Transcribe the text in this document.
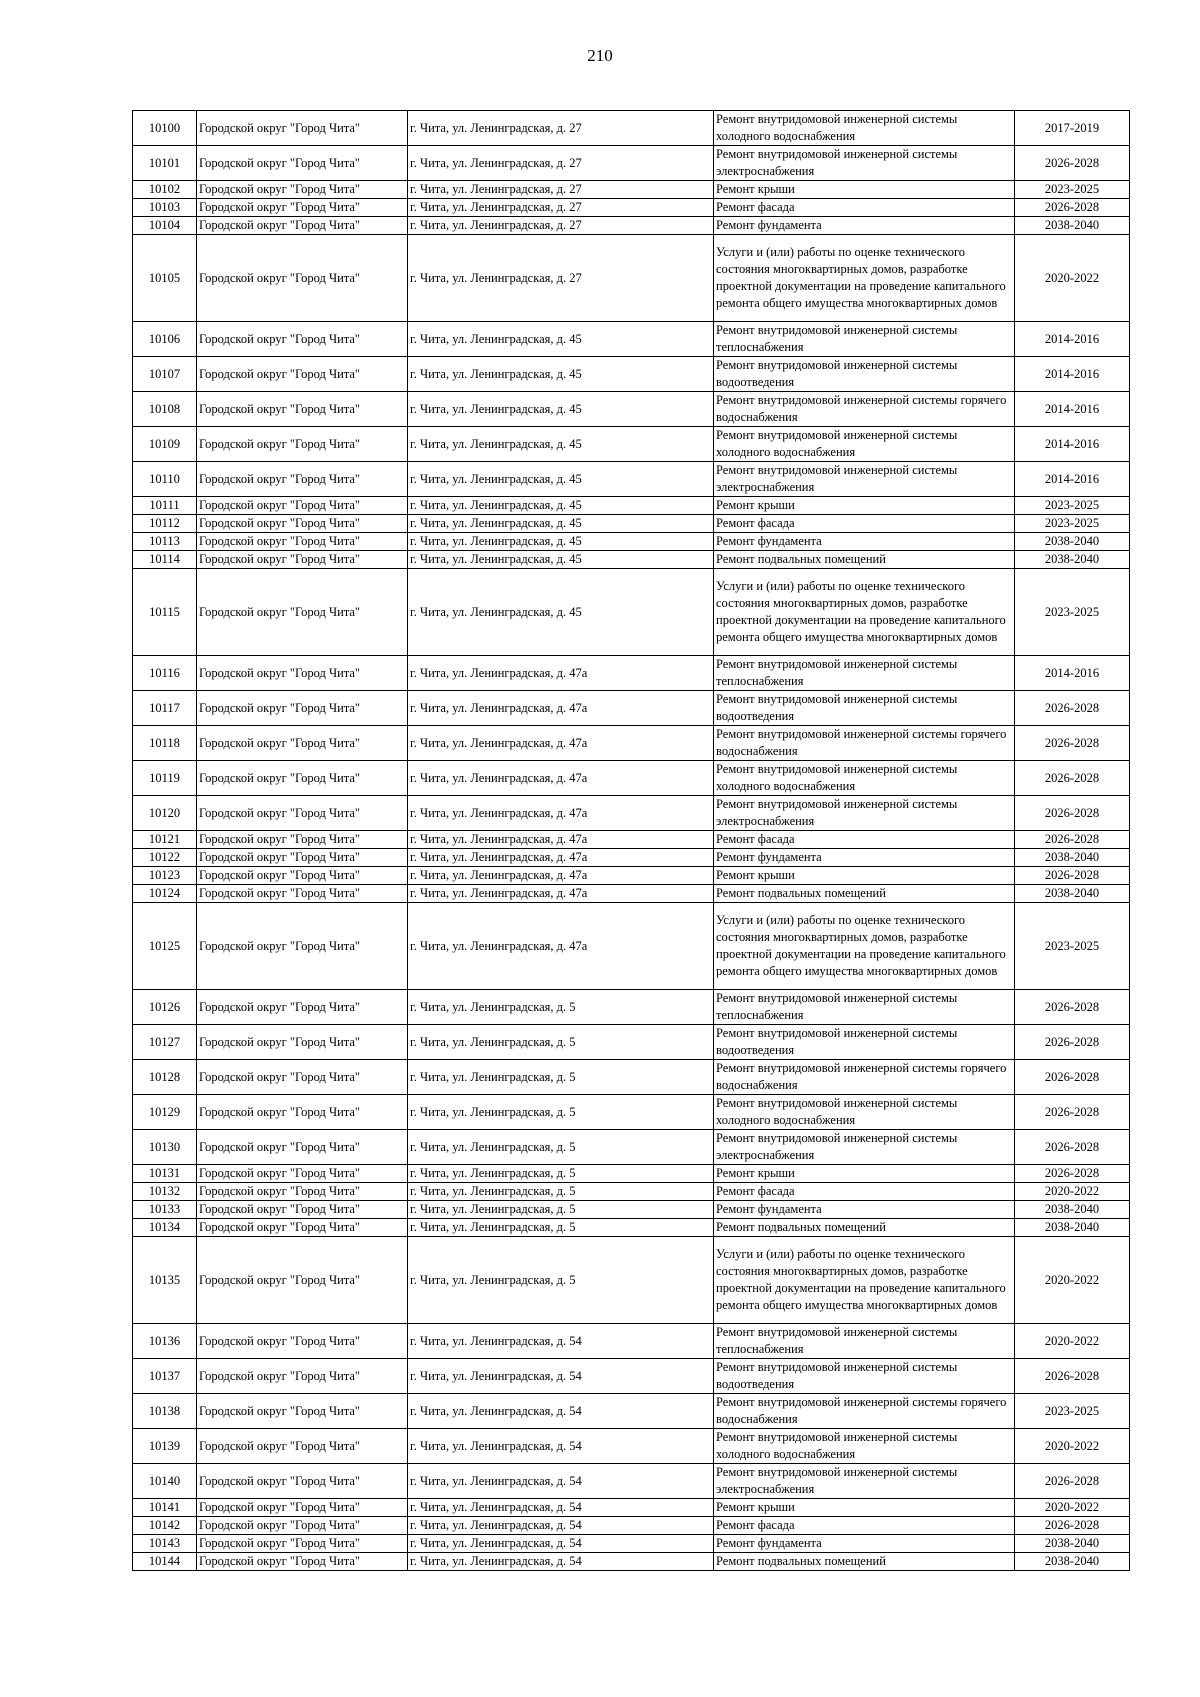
210
10100	Городской округ "Город Чита"	г. Чита, ул. Ленинградская, д. 27	Ремонт внутридомовой инженерной системы холодного водоснабжения	2017-2019
10101	Городской округ "Город Чита"	г. Чита, ул. Ленинградская, д. 27	Ремонт внутридомовой инженерной системы электроснабжения	2026-2028
10102	Городской округ "Город Чита"	г. Чита, ул. Ленинградская, д. 27	Ремонт крыши	2023-2025
10103	Городской округ "Город Чита"	г. Чита, ул. Ленинградская, д. 27	Ремонт фасада	2026-2028
10104	Городской округ "Город Чита"	г. Чита, ул. Ленинградская, д. 27	Ремонт фундамента	2038-2040
10105	Городской округ "Город Чита"	г. Чита, ул. Ленинградская, д. 27	Услуги и (или) работы по оценке технического состояния многоквартирных домов, разработке проектной документации на проведение капитального ремонта общего имущества многоквартирных домов	2020-2022
10106	Городской округ "Город Чита"	г. Чита, ул. Ленинградская, д. 45	Ремонт внутридомовой инженерной системы теплоснабжения	2014-2016
10107	Городской округ "Город Чита"	г. Чита, ул. Ленинградская, д. 45	Ремонт внутридомовой инженерной системы водоотведения	2014-2016
10108	Городской округ "Город Чита"	г. Чита, ул. Ленинградская, д. 45	Ремонт внутридомовой инженерной системы горячего водоснабжения	2014-2016
10109	Городской округ "Город Чита"	г. Чита, ул. Ленинградская, д. 45	Ремонт внутридомовой инженерной системы холодного водоснабжения	2014-2016
10110	Городской округ "Город Чита"	г. Чита, ул. Ленинградская, д. 45	Ремонт внутридомовой инженерной системы электроснабжения	2014-2016
10111	Городской округ "Город Чита"	г. Чита, ул. Ленинградская, д. 45	Ремонт крыши	2023-2025
10112	Городской округ "Город Чита"	г. Чита, ул. Ленинградская, д. 45	Ремонт фасада	2023-2025
10113	Городской округ "Город Чита"	г. Чита, ул. Ленинградская, д. 45	Ремонт фундамента	2038-2040
10114	Городской округ "Город Чита"	г. Чита, ул. Ленинградская, д. 45	Ремонт подвальных помещений	2038-2040
10115	Городской округ "Город Чита"	г. Чита, ул. Ленинградская, д. 45	Услуги и (или) работы по оценке технического состояния многоквартирных домов, разработке проектной документации на проведение капитального ремонта общего имущества многоквартирных домов	2023-2025
10116	Городской округ "Город Чита"	г. Чита, ул. Ленинградская, д. 47а	Ремонт внутридомовой инженерной системы теплоснабжения	2014-2016
10117	Городской округ "Город Чита"	г. Чита, ул. Ленинградская, д. 47а	Ремонт внутридомовой инженерной системы водоотведения	2026-2028
10118	Городской округ "Город Чита"	г. Чита, ул. Ленинградская, д. 47а	Ремонт внутридомовой инженерной системы горячего водоснабжения	2026-2028
10119	Городской округ "Город Чита"	г. Чита, ул. Ленинградская, д. 47а	Ремонт внутридомовой инженерной системы холодного водоснабжения	2026-2028
10120	Городской округ "Город Чита"	г. Чита, ул. Ленинградская, д. 47а	Ремонт внутридомовой инженерной системы электроснабжения	2026-2028
10121	Городской округ "Город Чита"	г. Чита, ул. Ленинградская, д. 47а	Ремонт фасада	2026-2028
10122	Городской округ "Город Чита"	г. Чита, ул. Ленинградская, д. 47а	Ремонт фундамента	2038-2040
10123	Городской округ "Город Чита"	г. Чита, ул. Ленинградская, д. 47а	Ремонт крыши	2026-2028
10124	Городской округ "Город Чита"	г. Чита, ул. Ленинградская, д. 47а	Ремонт подвальных помещений	2038-2040
10125	Городской округ "Город Чита"	г. Чита, ул. Ленинградская, д. 47а	Услуги и (или) работы по оценке технического состояния многоквартирных домов, разработке проектной документации на проведение капитального ремонта общего имущества многоквартирных домов	2023-2025
10126	Городской округ "Город Чита"	г. Чита, ул. Ленинградская, д. 5	Ремонт внутридомовой инженерной системы теплоснабжения	2026-2028
10127	Городской округ "Город Чита"	г. Чита, ул. Ленинградская, д. 5	Ремонт внутридомовой инженерной системы водоотведения	2026-2028
10128	Городской округ "Город Чита"	г. Чита, ул. Ленинградская, д. 5	Ремонт внутридомовой инженерной системы горячего водоснабжения	2026-2028
10129	Городской округ "Город Чита"	г. Чита, ул. Ленинградская, д. 5	Ремонт внутридомовой инженерной системы холодного водоснабжения	2026-2028
10130	Городской округ "Город Чита"	г. Чита, ул. Ленинградская, д. 5	Ремонт внутридомовой инженерной системы электроснабжения	2026-2028
10131	Городской округ "Город Чита"	г. Чита, ул. Ленинградская, д. 5	Ремонт крыши	2026-2028
10132	Городской округ "Город Чита"	г. Чита, ул. Ленинградская, д. 5	Ремонт фасада	2020-2022
10133	Городской округ "Город Чита"	г. Чита, ул. Ленинградская, д. 5	Ремонт фундамента	2038-2040
10134	Городской округ "Город Чита"	г. Чита, ул. Ленинградская, д. 5	Ремонт подвальных помещений	2038-2040
10135	Городской округ "Город Чита"	г. Чита, ул. Ленинградская, д. 5	Услуги и (или) работы по оценке технического состояния многоквартирных домов, разработке проектной документации на проведение капитального ремонта общего имущества многоквартирных домов	2020-2022
10136	Городской округ "Город Чита"	г. Чита, ул. Ленинградская, д. 54	Ремонт внутридомовой инженерной системы теплоснабжения	2020-2022
10137	Городской округ "Город Чита"	г. Чита, ул. Ленинградская, д. 54	Ремонт внутридомовой инженерной системы водоотведения	2026-2028
10138	Городской округ "Город Чита"	г. Чита, ул. Ленинградская, д. 54	Ремонт внутридомовой инженерной системы горячего водоснабжения	2023-2025
10139	Городской округ "Город Чита"	г. Чита, ул. Ленинградская, д. 54	Ремонт внутридомовой инженерной системы холодного водоснабжения	2020-2022
10140	Городской округ "Город Чита"	г. Чита, ул. Ленинградская, д. 54	Ремонт внутридомовой инженерной системы электроснабжения	2026-2028
10141	Городской округ "Город Чита"	г. Чита, ул. Ленинградская, д. 54	Ремонт крыши	2020-2022
10142	Городской округ "Город Чита"	г. Чита, ул. Ленинградская, д. 54	Ремонт фасада	2026-2028
10143	Городской округ "Город Чита"	г. Чита, ул. Ленинградская, д. 54	Ремонт фундамента	2038-2040
10144	Городской округ "Город Чита"	г. Чита, ул. Ленинградская, д. 54	Ремонт подвальных помещений	2038-2040
